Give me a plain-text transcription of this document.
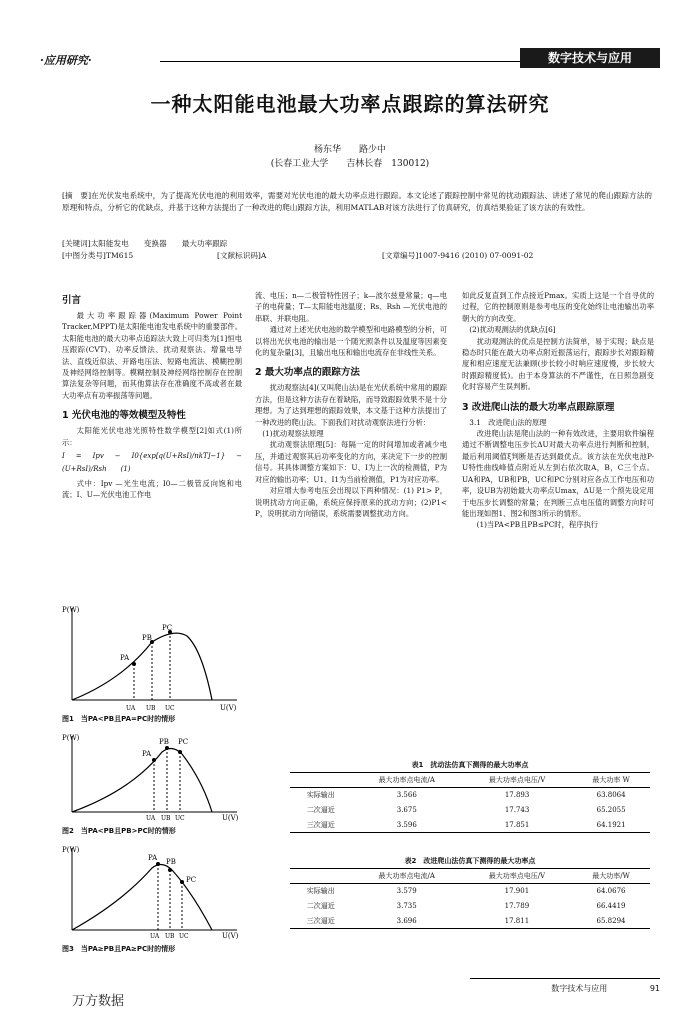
·应用研究·	数字技术与应用
一种太阳能电池最大功率点跟踪的算法研究
杨东华　　路少中
(长春工业大学　　吉林长春　130012)
[摘　要]在光伏发电系统中，为了提高光伏电池的利用效率，需要对光伏电池的最大功率点进行跟踪。本文论述了跟踪控制中常见的扰动跟踪法、讲述了常见的爬山跟踪方法的原理和特点，分析它的优缺点，并基于这种方法提出了一种改进的爬山跟踪方法，利用MATLAB对该方法进行了仿真研究，仿真结果验证了该方法的有效性。
[关键词]太阳能发电　　变换器　　最大功率跟踪
[中图分类号]TM615	[文献标识码]A	[文章编号]1007-9416 (2010) 07-0091-02
引言

最大功率跟踪器(Maximum Power Point Tracker,MPPT)是太阳能电池发电系统中的重要部件。太阳能电池的最大功率点追踪法大致上可归类为[1]恒电压跟踪(CVT)、功率反馈法、扰动观察法、增量电导法、直线近似法、开路电压法、短路电流法、模糊控制及神经网络控制等。模糊控制及神经网络控制存在控制算法复杂等问题，而其他算法存在准确度不高或者在最大功率点有功率振荡等问题。

1 光伏电池的等效模型及特性

太阳能光伏电池光照特性数学模型[2]如式(1)所示：

I = Ipv − I0{exp[q(U+RsI)/nkT]−1} − (U+RsI)/Rsh　　(1)

式中：Ipv —光生电流；I0—二极管反向饱和电流；I、U—光伏电池工作电

P(W)
U(V)
PA
PB
PC
UA UB UC
图1　当PA<PB且PA=PC时的情形
P(W)
U(V)
PA
PB PC
UA UB UC
图2　当PA<PB且PB>PC时的情形
P(W)
U(V)
PA PB
PC
UA UB UC
图3　当PA≥PB且PA≥PC时的情形

流、电压；n—二极管特性因子；k—波尔兹曼常量；q—电子的电荷量；T—太阳能电池温度；Rs、Rsh —光伏电池的串联、并联电阻。

通过对上述光伏电池的数学模型和电路模型的分析，可以将出光伏电池的输出是一个随光照条件以及温度等因素变化的复杂量[3]，且输出电压和输出电流存在非线性关系。

2 最大功率点的跟踪方法

扰动观察法[4](又叫爬山法)是在光伏系统中常用的跟踪方法，但是这种方法存在着缺陷，而导致跟踪效果不是十分理想。为了达到理想的跟踪效果，本文基于这种方法提出了一种改进的爬山法。下面我们对扰动观察法进行分析：

(1)扰动观察法原理

扰动观察法原理[5]：每隔一定的时间增加或者减少电压，并通过观察其后功率变化的方向，来决定下一步的控制信号。其具体调整方案如下：U、I为上一次的检测值，P为对应的输出功率；U1、I1为当前检测值，P1为对应功率。

对应增大参考电压会出现以下两种情况：(1) P1> P，说明扰动方向正确，系统应保持原来的扰动方向；(2)P1< P，说明扰动方向错误，系统需要调整扰动方向。

如此反复直到工作点接近Pmax。实质上这是一个自寻优的过程，它的控制原则是参考电压的变化始终让电池输出功率朝大的方向改变。

(2)扰动观测法的优缺点[6]

扰动观测法的优点是控制方法简单，易于实现；缺点是稳态时只能在最大功率点附近振荡运行，跟踪步长对跟踪精度和相应速度无法兼顾(步长较小时响应速度慢，步长较大时跟踪精度低)。由于本身算法的不严谨性，在日照急剧变化时容易产生误判断。

3 改进爬山法的最大功率点跟踪原理
3.1　改进爬山法的原理

改进爬山法是爬山法的一种有效改进，主要用软件编程通过不断调整电压步长ΔU对最大功率点进行判断和控制，最后利用阈值ξ判断是否达到最优点。该方法在光伏电池P-U特性曲线峰值点附近从左到右依次取A，B，C三个点。UA和PA，UB和PB，UC和PC分别对应各点工作电压和功率，设UB为初始最大功率点Umax，ΔU是一个预先设定用于电压步长调整的常量；在判断三点电压值的调整方向时可能出现如图1、图2和图3所示的情形。

(1)当PA<PB且PB≤PC时，程序执行

表1　扰动法仿真下测得的最大功率点
	最大功率点电流/A	最大功率点电压/V	最大功率 W
实际输出	3.566	17.893	63.8064
二次逼近	3.675	17.743	65.2055
三次逼近	3.596	17.851	64.1921
表2　改进爬山法仿真下测得的最大功率点
	最大功率点电流/A	最大功率点电压/V	最大功率/W
实际输出	3.579	17.901	64.0676
二次逼近	3.735	17.789	66.4419
三次逼近	3.696	17.811	65.8294
数字技术与应用	91
万方数据
